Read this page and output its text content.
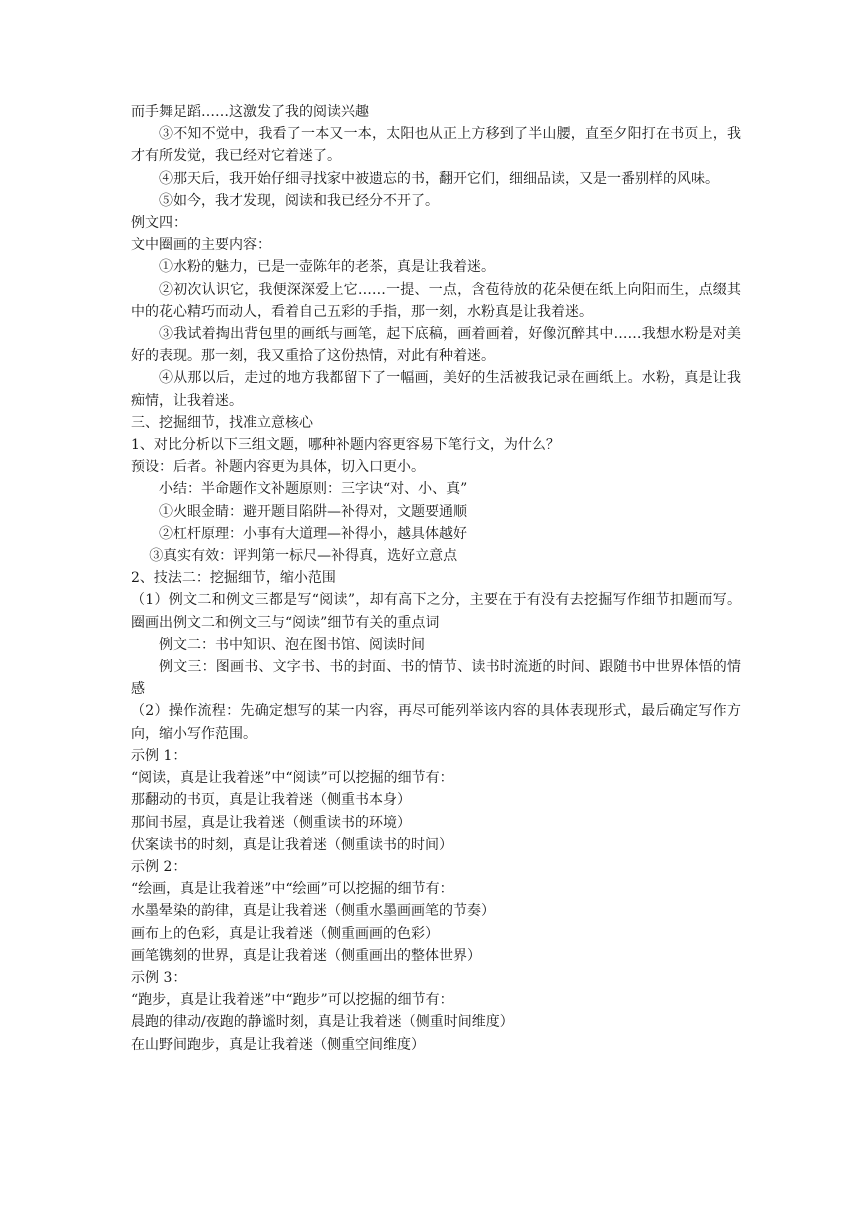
而手舞足蹈……这激发了我的阅读兴趣

③不知不觉中，我看了一本又一本，太阳也从正上方移到了半山腰，直至夕阳打在书页上，我才有所发觉，我已经对它着迷了。

④那天后，我开始仔细寻找家中被遗忘的书，翻开它们，细细品读，又是一番别样的风味。

⑤如今，我才发现，阅读和我已经分不开了。

例文四：

文中圈画的主要内容：

①水粉的魅力，已是一壶陈年的老茶，真是让我着迷。

②初次认识它，我便深深爱上它……一提、一点，含苞待放的花朵便在纸上向阳而生，点缀其中的花心精巧而动人，看着自己五彩的手指，那一刻，水粉真是让我着迷。

③我试着掏出背包里的画纸与画笔，起下底稿，画着画着，好像沉醉其中……我想水粉是对美好的表现。那一刻，我又重拾了这份热情，对此有种着迷。

④从那以后，走过的地方我都留下了一幅画，美好的生活被我记录在画纸上。水粉，真是让我痴情，让我着迷。

三、挖掘细节，找准立意核心

1、对比分析以下三组文题，哪种补题内容更容易下笔行文，为什么？

预设：后者。补题内容更为具体，切入口更小。

小结：半命题作文补题原则：三字诀“对、小、真”

①火眼金睛：避开题目陷阱—补得对，文题要通顺

②杠杆原理：小事有大道理—补得小，越具体越好

③真实有效：评判第一标尺—补得真，选好立意点

2、技法二：挖掘细节，缩小范围

（1）例文二和例文三都是写“阅读”，却有高下之分，主要在于有没有去挖掘写作细节扣题而写。圈画出例文二和例文三与“阅读”细节有关的重点词

例文二：书中知识、泡在图书馆、阅读时间

例文三：图画书、文字书、书的封面、书的情节、读书时流逝的时间、跟随书中世界体悟的情感

（2）操作流程：先确定想写的某一内容，再尽可能列举该内容的具体表现形式，最后确定写作方向，缩小写作范围。

示例 1：

“阅读，真是让我着迷”中“阅读”可以挖掘的细节有：

那翻动的书页，真是让我着迷（侧重书本身）

那间书屋，真是让我着迷（侧重读书的环境）

伏案读书的时刻，真是让我着迷（侧重读书的时间）

示例 2：

“绘画，真是让我着迷”中“绘画”可以挖掘的细节有：

水墨晕染的韵律，真是让我着迷（侧重水墨画画笔的节奏）

画布上的色彩，真是让我着迷（侧重画画的色彩）

画笔镌刻的世界，真是让我着迷（侧重画出的整体世界）

示例 3：

“跑步，真是让我着迷”中“跑步”可以挖掘的细节有：

晨跑的律动/夜跑的静谧时刻，真是让我着迷（侧重时间维度）

在山野间跑步，真是让我着迷（侧重空间维度）
